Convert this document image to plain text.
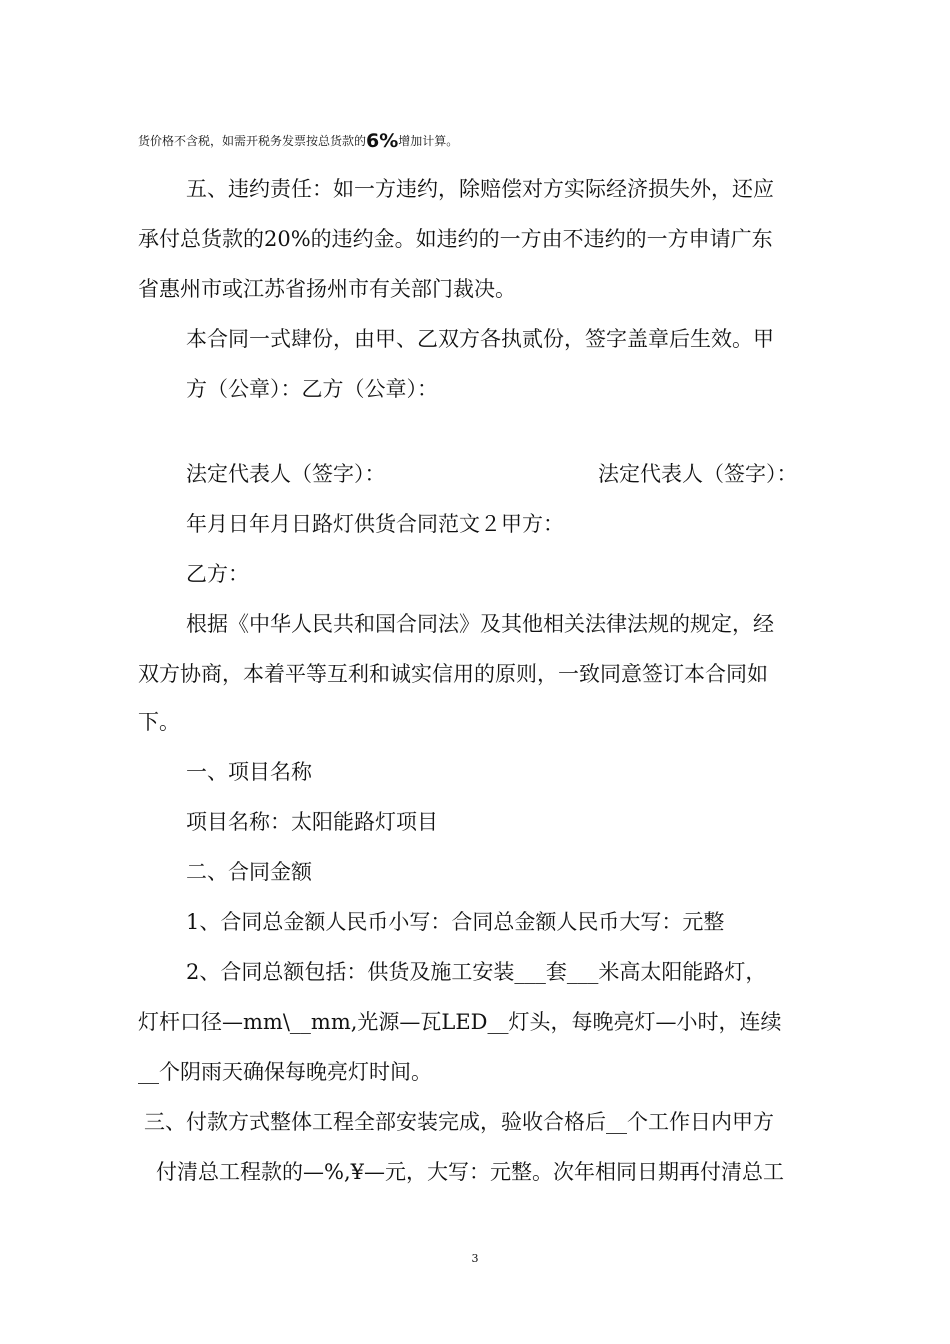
货价格不含税，如需开税务发票按总货款的6%增加计算。
五、违约责任：如一方违约，除赔偿对方实际经济损失外，还应
承付总货款的20%的违约金。如违约的一方由不违约的一方申请广东
省惠州市或江苏省扬州市有关部门裁决。
本合同一式肆份，由甲、乙双方各执贰份，签字盖章后生效。甲
方（公章）：乙方（公章）：
法定代表人（签字）：	法定代表人（签字）：
年月日年月日路灯供货合同范文２甲方：
乙方：
根据《中华人民共和国合同法》及其他相关法律法规的规定，经
双方协商，本着平等互利和诚实信用的原则，一致同意签订本合同如
下。
一、项目名称
项目名称：太阳能路灯项目
二、合同金额
1、合同总金额人民币小写：合同总金额人民币大写：元整
2、合同总额包括：供货及施工安装___套___米高太阳能路灯，
灯杆口径—mm\__mm,光源—瓦LED__灯头，每晚亮灯—小时，连续
__个阴雨天确保每晚亮灯时间。
三、付款方式整体工程全部安装完成，验收合格后__个工作日内甲方
付清总工程款的—%,¥—元，大写：元整。次年相同日期再付清总工
3
